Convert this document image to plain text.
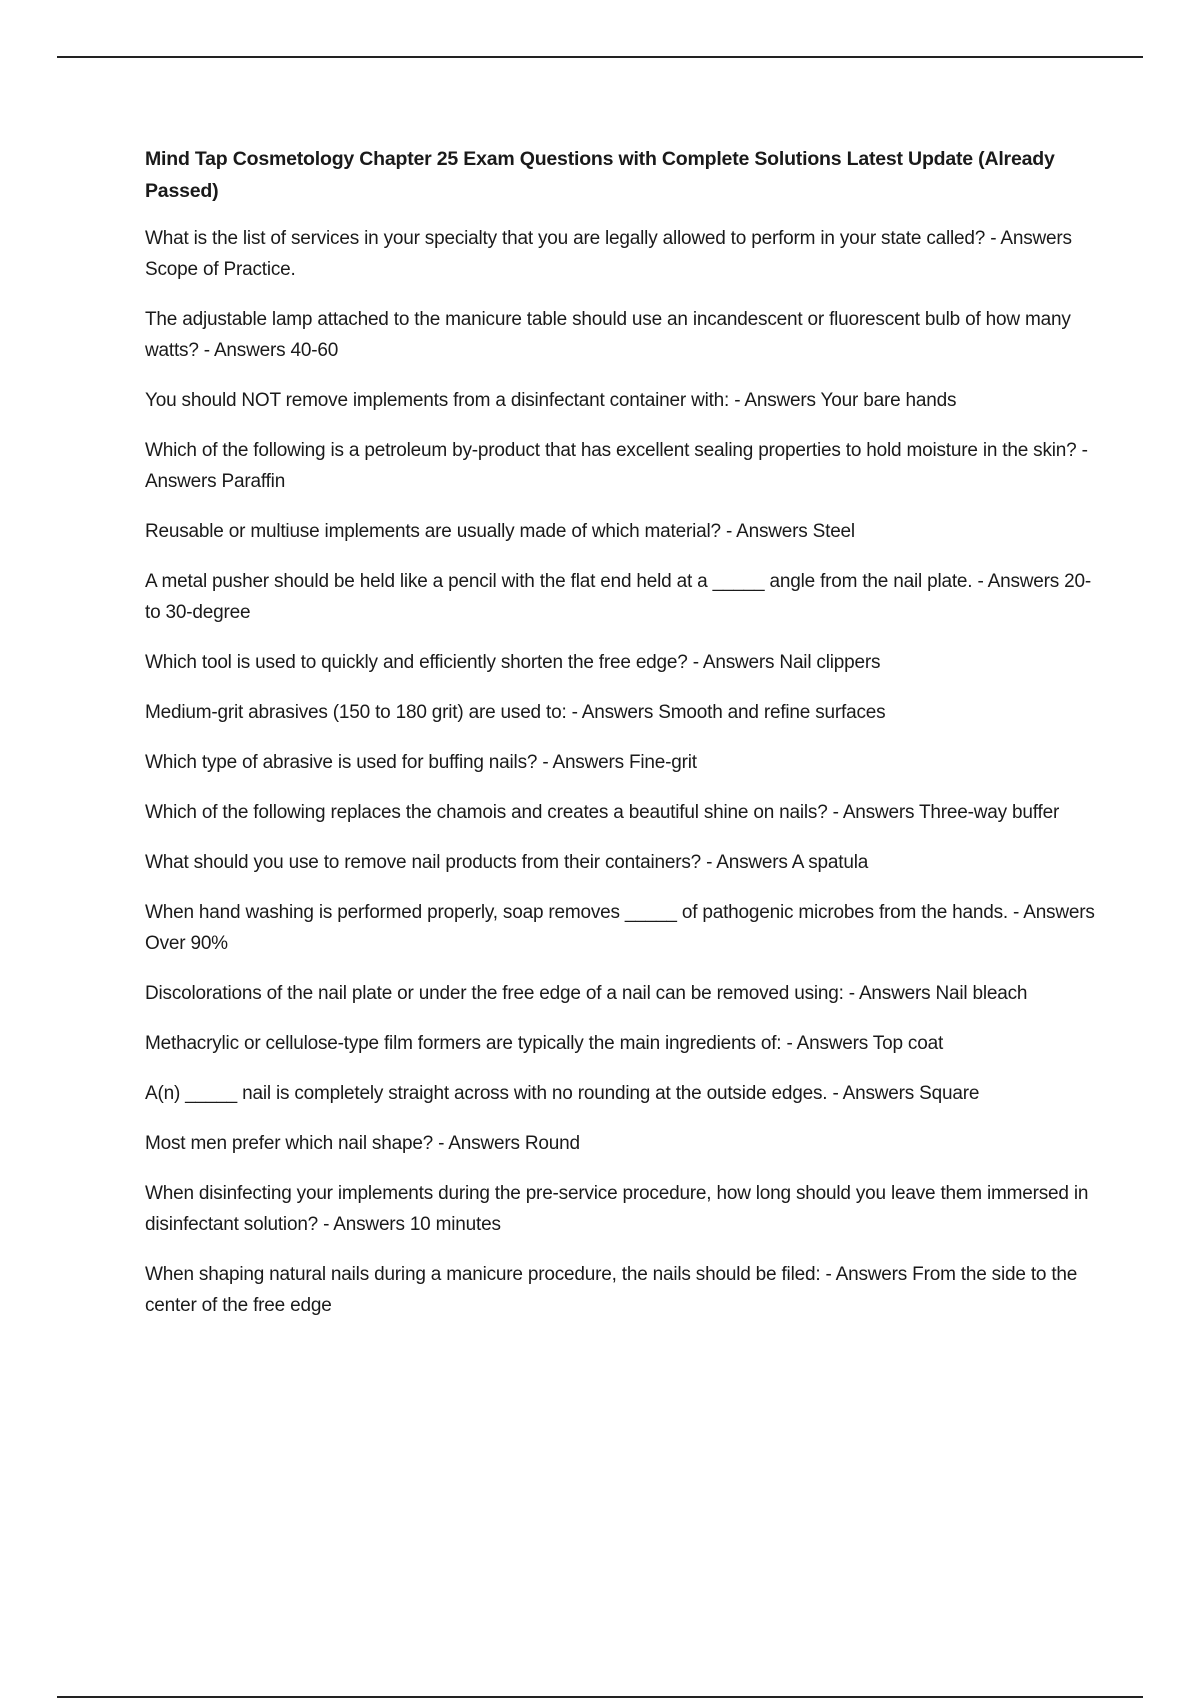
Mind Tap Cosmetology Chapter 25 Exam Questions with Complete Solutions Latest Update (Already Passed)

What is the list of services in your specialty that you are legally allowed to perform in your state called? - Answers Scope of Practice.

The adjustable lamp attached to the manicure table should use an incandescent or fluorescent bulb of how many watts? - Answers 40-60

You should NOT remove implements from a disinfectant container with: - Answers Your bare hands

Which of the following is a petroleum by-product that has excellent sealing properties to hold moisture in the skin? - Answers Paraffin

Reusable or multiuse implements are usually made of which material? - Answers Steel

A metal pusher should be held like a pencil with the flat end held at a _____ angle from the nail plate. - Answers 20- to 30-degree

Which tool is used to quickly and efficiently shorten the free edge? - Answers Nail clippers

Medium-grit abrasives (150 to 180 grit) are used to: - Answers Smooth and refine surfaces

Which type of abrasive is used for buffing nails? - Answers Fine-grit

Which of the following replaces the chamois and creates a beautiful shine on nails? - Answers Three-way buffer

What should you use to remove nail products from their containers? - Answers A spatula

When hand washing is performed properly, soap removes _____ of pathogenic microbes from the hands. - Answers Over 90%

Discolorations of the nail plate or under the free edge of a nail can be removed using: - Answers Nail bleach

Methacrylic or cellulose-type film formers are typically the main ingredients of: - Answers Top coat

A(n) _____ nail is completely straight across with no rounding at the outside edges. - Answers Square

Most men prefer which nail shape? - Answers Round

When disinfecting your implements during the pre-service procedure, how long should you leave them immersed in disinfectant solution? - Answers 10 minutes

When shaping natural nails during a manicure procedure, the nails should be filed: - Answers From the side to the center of the free edge
